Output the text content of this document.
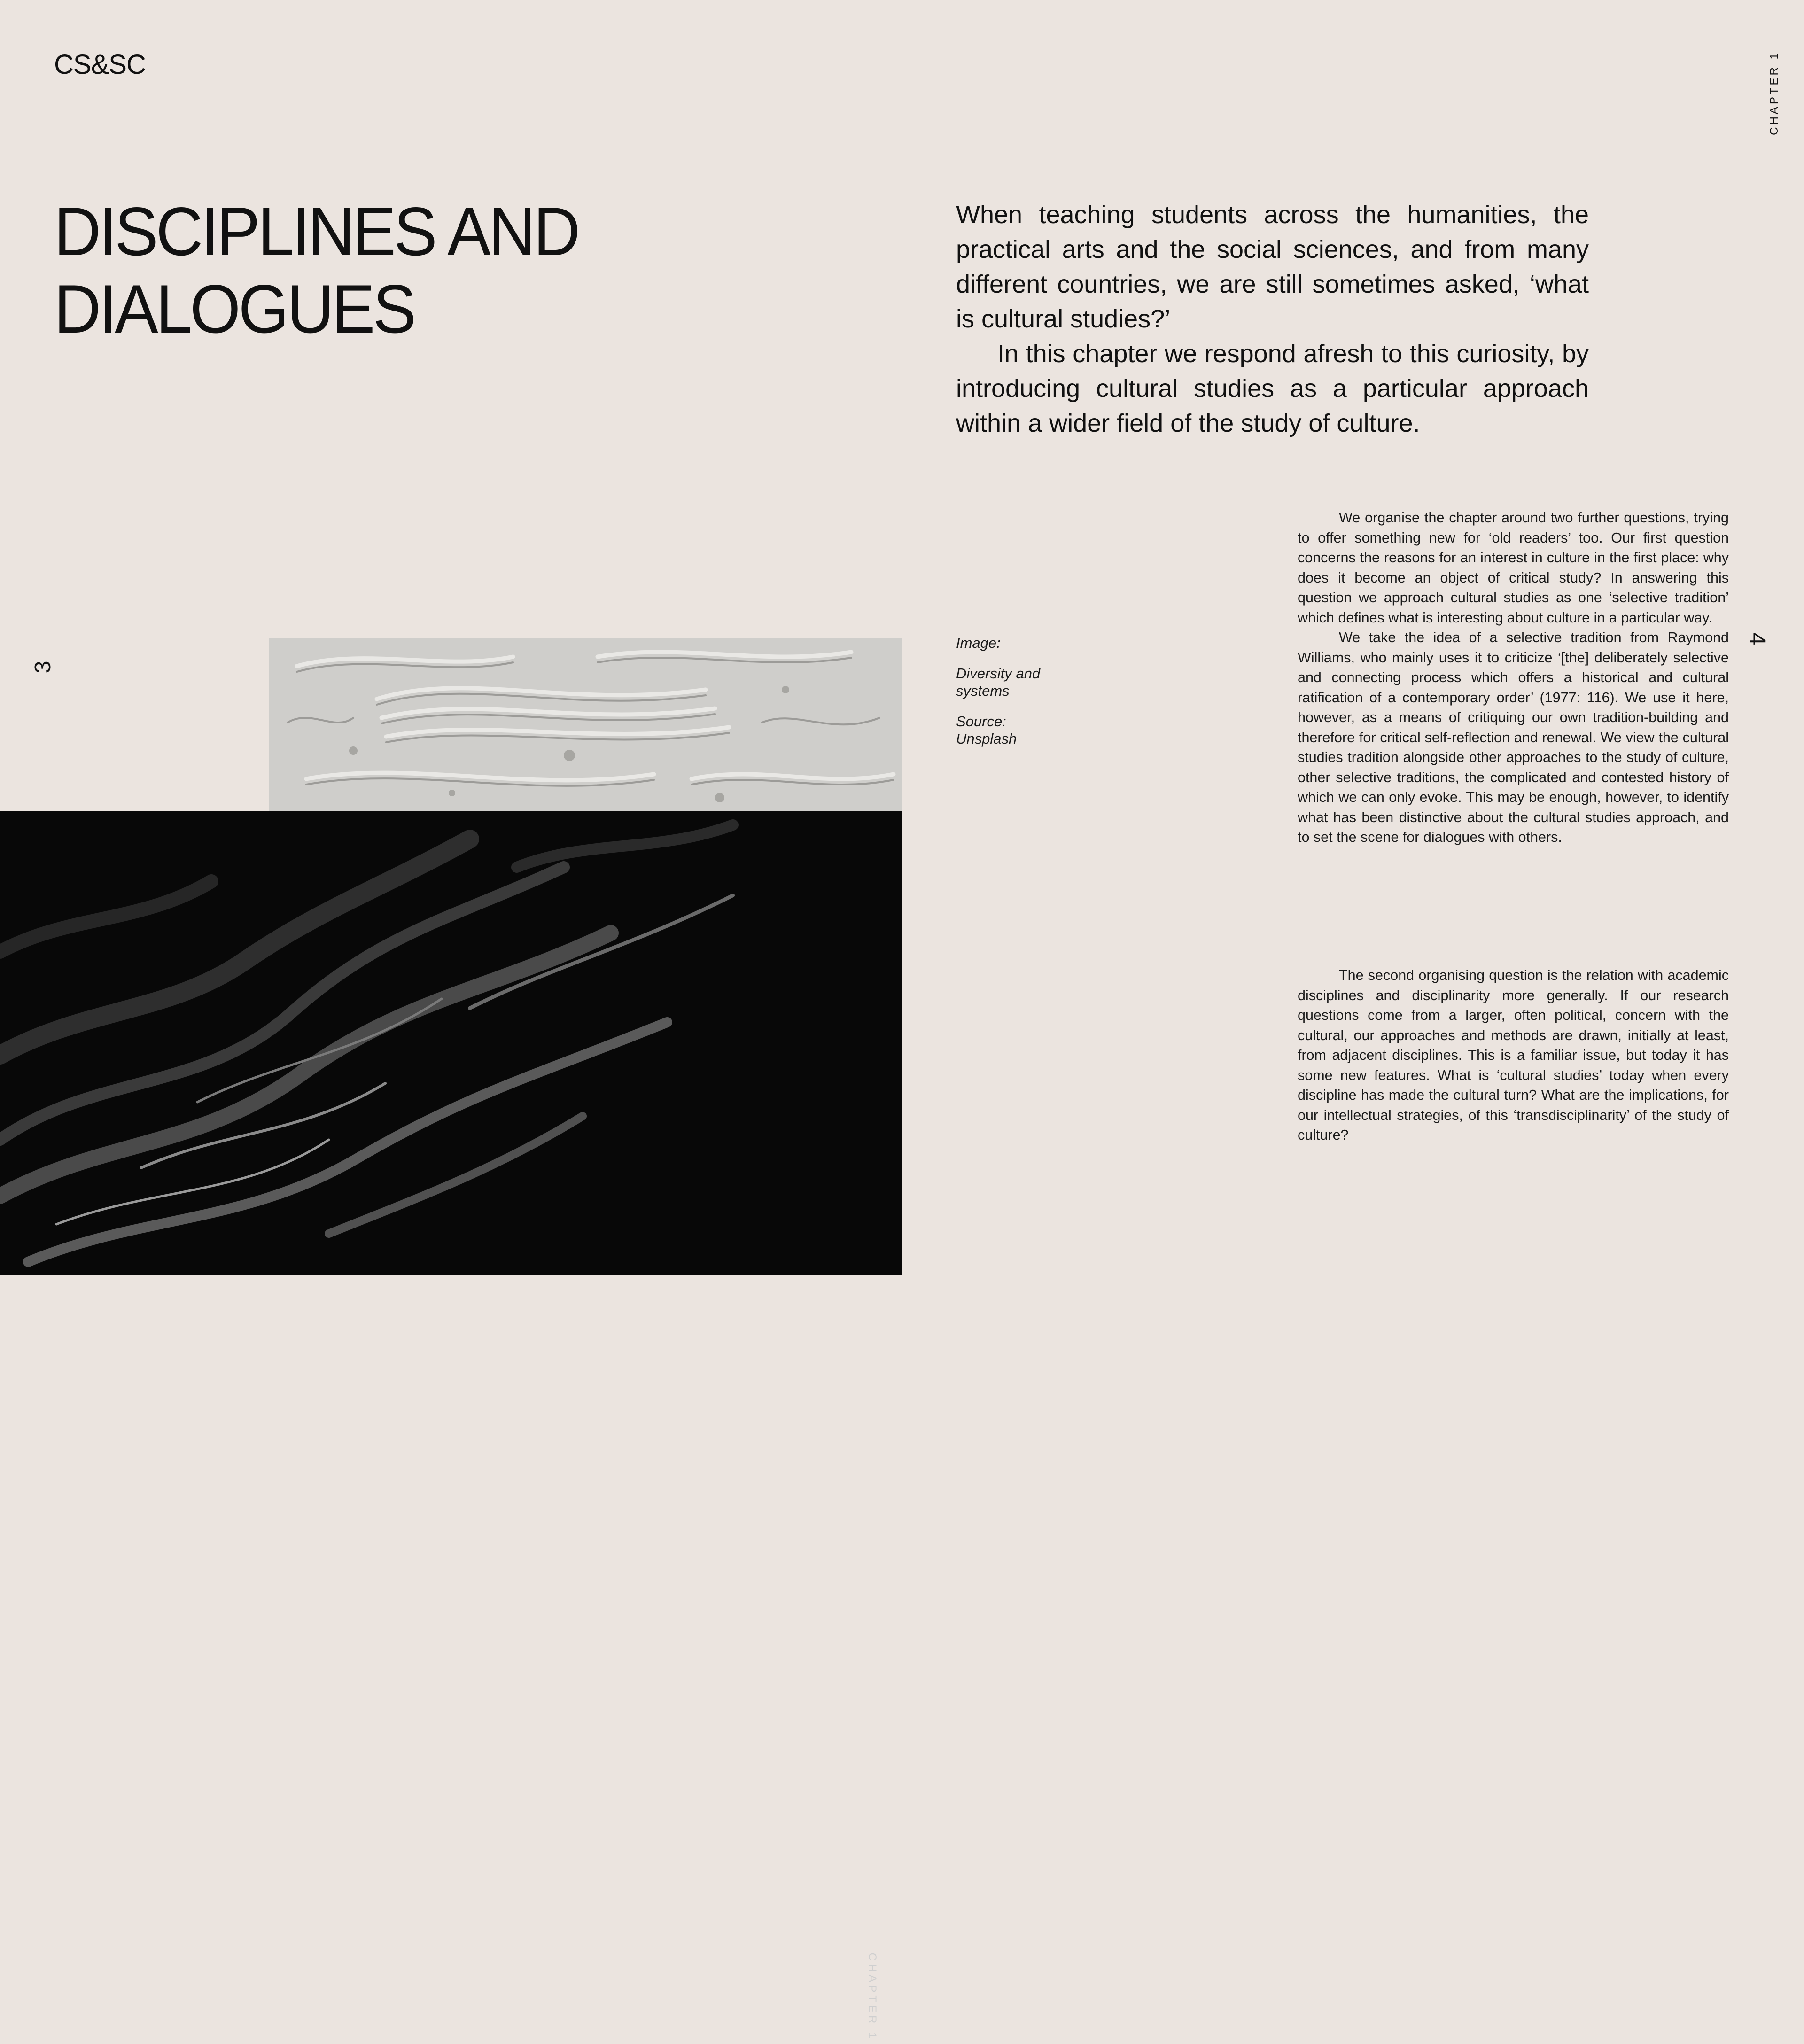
CS&SC	CHAPTER 1
DISCIPLINES AND
DIALOGUES

When teaching students across the humanities, the practical arts and the social sciences, and from many different countries, we are still sometimes asked, ‘what is cultural studies?’

In this chapter we respond afresh to this curiosity, by introducing cultural studies as a particular approach within a wider field of the study of culture.

3
4
CHAPTER 1

Image:

Diversity and
systems

Source:
Unsplash

We organise the chapter around two further questions, trying to offer something new for ‘old readers’ too. Our first question concerns the reasons for an interest in culture in the first place: why does it become an object of critical study? In answering this question we approach cultural studies as one ‘selective tradition’ which defines what is interesting about culture in a particular way.

We take the idea of a selective tradition from Raymond Williams, who mainly uses it to criticize ‘[the] deliberately selective and connecting process which offers a historical and cultural ratification of a contemporary order’ (1977: 116). We use it here, however, as a means of critiquing our own tradition-building and therefore for critical self-reflection and renewal. We view the cultural studies tradition alongside other approaches to the study of culture, other selective traditions, the complicated and contested history of which we can only evoke. This may be enough, however, to identify what has been distinctive about the cultural studies approach, and to set the scene for dialogues with others.

The second organising question is the relation with academic disciplines and disciplinarity more generally. If our research questions come from a larger, often political, concern with the cultural, our approaches and methods are drawn, initially at least, from adjacent disciplines. This is a familiar issue, but today it has some new features. What is ‘cultural studies’ today when every discipline has made the cultural turn? What are the implications, for our intellectual strategies, of this ‘transdisciplinarity’ of the study of culture?
